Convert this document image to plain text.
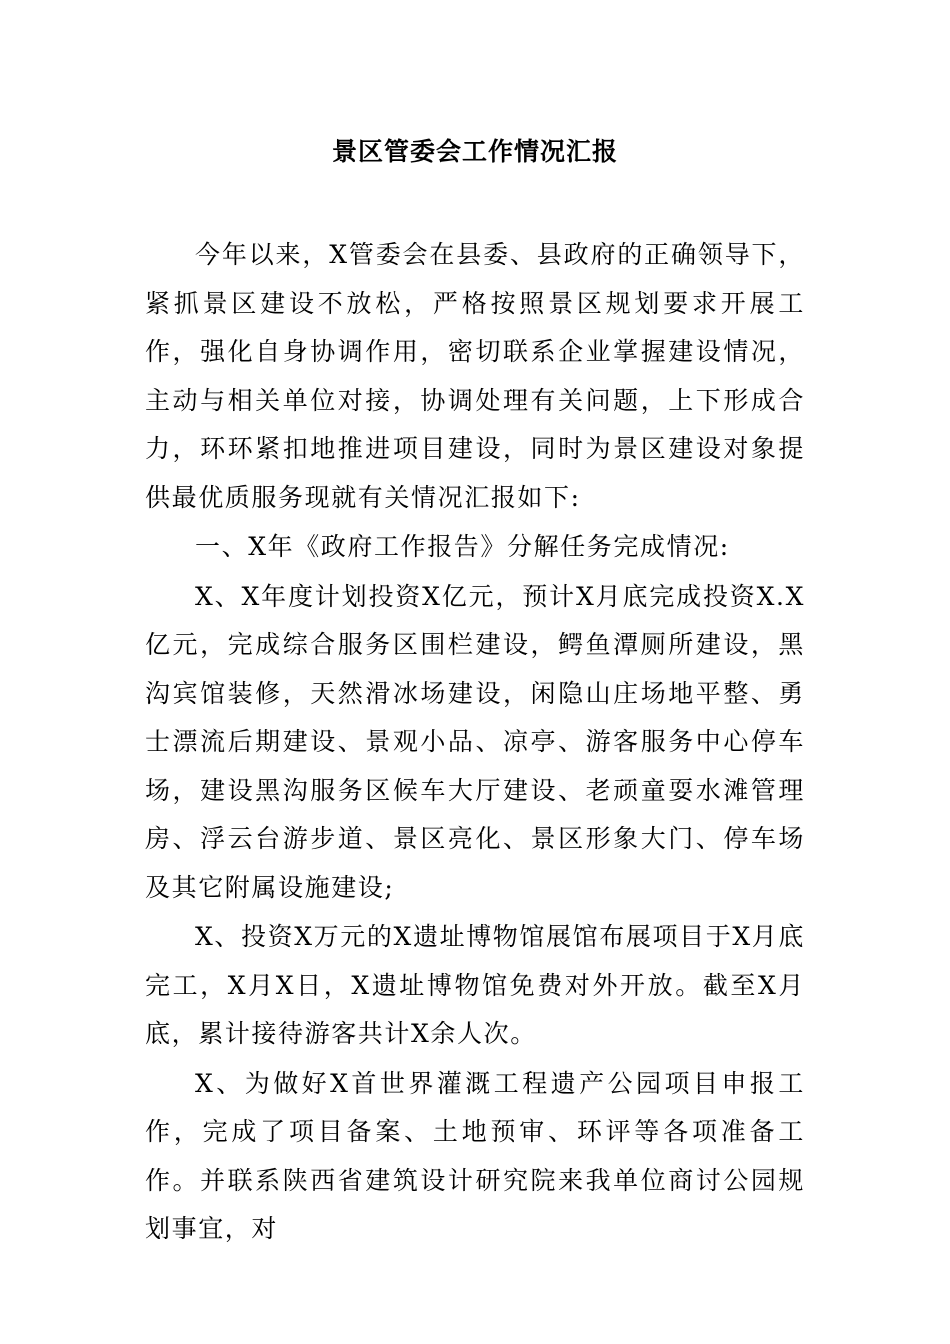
景区管委会工作情况汇报

今年以来，X管委会在县委、县政府的正确领导下，紧抓景区建设不放松，严格按照景区规划要求开展工作，强化自身协调作用，密切联系企业掌握建设情况，主动与相关单位对接，协调处理有关问题，上下形成合力，环环紧扣地推进项目建设，同时为景区建设对象提供最优质服务现就有关情况汇报如下:

一、X年《政府工作报告》分解任务完成情况:

X、X年度计划投资X亿元，预计X月底完成投资X.X亿元，完成综合服务区围栏建设，鳄鱼潭厕所建设，黑沟宾馆装修，天然滑冰场建设，闲隐山庄场地平整、勇士漂流后期建设、景观小品、凉亭、游客服务中心停车场，建设黑沟服务区候车大厅建设、老顽童耍水滩管理房、浮云台游步道、景区亮化、景区形象大门、停车场及其它附属设施建设;

X、投资X万元的X遗址博物馆展馆布展项目于X月底完工，X月X日，X遗址博物馆免费对外开放。截至X月底，累计接待游客共计X余人次。

X、为做好X首世界灌溉工程遗产公园项目申报工作，完成了项目备案、土地预审、环评等各项准备工作。并联系陕西省建筑设计研究院来我单位商讨公园规划事宜，对
